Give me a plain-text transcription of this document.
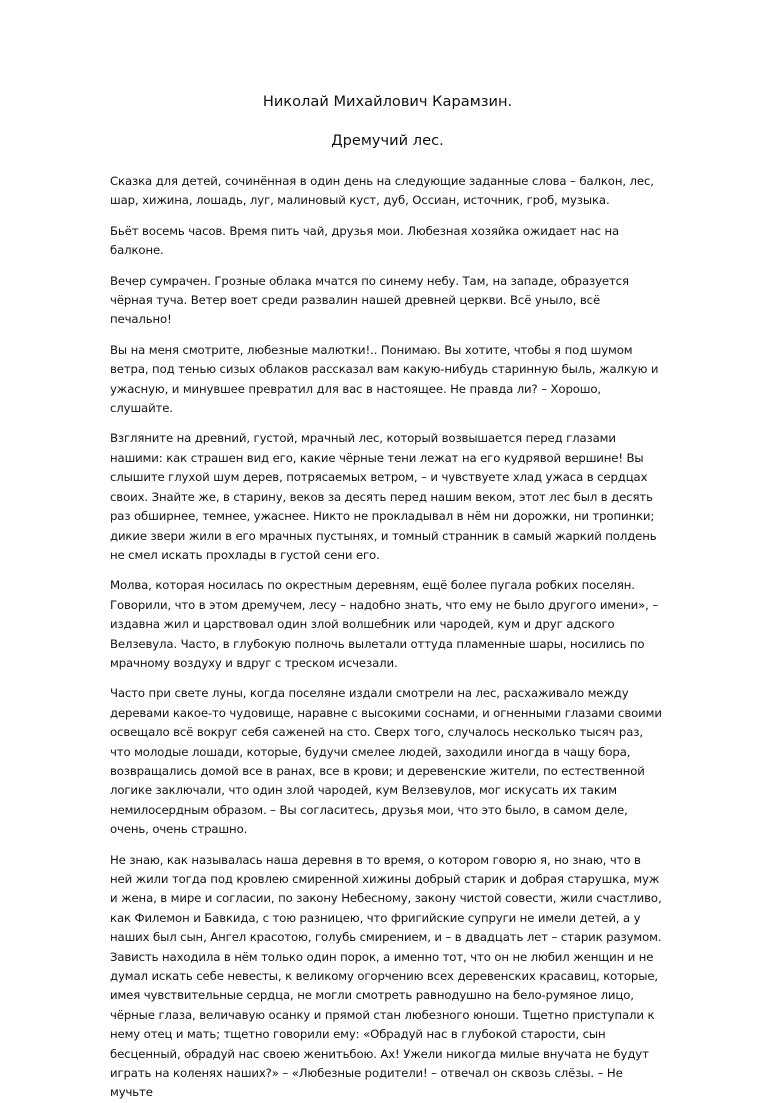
Николай Михайлович Карамзин.
Дремучий лес.

Сказка для детей, сочинённая в один день на следующие заданные слова – балкон, лес, шар, хижина, лошадь, луг, малиновый куст, дуб, Оссиан, источник, гроб, музыка.

Бьёт восемь часов. Время пить чай, друзья мои. Любезная хозяйка ожидает нас на балконе.

Вечер сумрачен. Грозные облака мчатся по синему небу. Там, на западе, образуется чёрная туча. Ветер воет среди развалин нашей древней церкви. Всё уныло, всё печально!

Вы на меня смотрите, любезные малютки!.. Понимаю. Вы хотите, чтобы я под шумом ветра, под тенью сизых облаков рассказал вам какую-нибудь старинную быль, жалкую и ужасную, и минувшее превратил для вас в настоящее. Не правда ли? – Хорошо, слушайте.

Взгляните на древний, густой, мрачный лес, который возвышается перед глазами нашими: как страшен вид его, какие чёрные тени лежат на его кудрявой вершине! Вы слышите глухой шум дерев, потрясаемых ветром, – и чувствуете хлад ужаса в сердцах своих. Знайте же, в старину, веков за десять перед нашим веком, этот лес был в десять раз обширнее, темнее, ужаснее. Никто не прокладывал в нём ни дорожки, ни тропинки; дикие звери жили в его мрачных пустынях, и томный странник в самый жаркий полдень не смел искать прохлады в густой сени его.

Молва, которая носилась по окрестным деревням, ещё более пугала робких поселян. Говорили, что в этом дремучем, лесу – надобно знать, что ему не было другого имени», – издавна жил и царствовал один злой волшебник или чародей, кум и друг адского Велзевула. Часто, в глубокую полночь вылетали оттуда пламенные шары, носились по мрачному воздуху и вдруг с треском исчезали.

Часто при свете луны, когда поселяне издали смотрели на лес, расхаживало между деревами какое-то чудовище, наравне с высокими соснами, и огненными глазами своими освещало всё вокруг себя саженей на сто. Сверх того, случалось несколько тысяч раз, что молодые лошади, которые, будучи смелее людей, заходили иногда в чащу бора, возвращались домой все в ранах, все в крови; и деревенские жители, по естественной логике заключали, что один злой чародей, кум Велзевулов, мог искусать их таким немилосердным образом. – Вы согласитесь, друзья мои, что это было, в самом деле, очень, очень страшно.

Не знаю, как называлась наша деревня в то время, о котором говорю я, но знаю, что в ней жили тогда под кровлею смиренной хижины добрый старик и добрая старушка, муж и жена, в мире и согласии, по закону Небесному, закону чистой совести, жили счастливо, как Филемон и Бавкида, с тою разницею, что фригийские супруги не имели детей, а у наших был сын, Ангел красотою, голубь смирением, и – в двадцать лет – старик разумом. Зависть находила в нём только один порок, а именно тот, что он не любил женщин и не думал искать себе невесты, к великому огорчению всех деревенских красавиц, которые, имея чувствительные сердца, не могли смотреть равнодушно на бело-румяное лицо, чёрные глаза, величавую осанку и прямой стан любезного юноши. Тщетно приступали к нему отец и мать; тщетно говорили ему: «Обрадуй нас в глубокой старости, сын бесценный, обрадуй нас своею женитьбою. Ах! Ужели никогда милые внучата не будут играть на коленях наших?» – «Любезные родители! – отвечал он сквозь слёзы. – Не мучьте
